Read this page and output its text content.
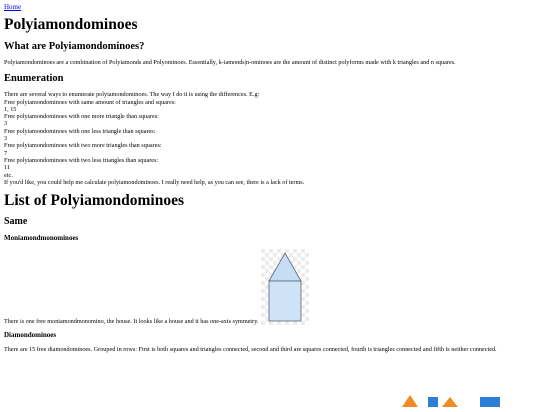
Home
Polyiamondominoes
What are Polyiamondominoes?

Polyiamondominoes are a combination of Polyiamonds and Polyominoes. Essentially, k-iamonds|n-ominoes are the amount of distinct polyforms made with k triangles and n squares.

Enumeration

There are several ways to enumerate polyiamondominoes. The way I do it is using the differences. E.g:

Free polyiamondominoes with same amount of triangles and squares:

1, 15

Free polyiamondominoes with one more triangle than squares:

3

Free polyiamondominoes with one less triangle than squares:

3

Free polyiamondominoes with two more triangles than squares:

7

Free polyiamondominoes with two less triangles than squares:

11

etc.

If you'd like, you could help me calculate polyiamondominoes. I really need help, as you can see, there is a lack of terms.

List of Polyiamondominoes
Same
Moniamondmonominoes

There is one free moniamondmonomino, the house. It looks like a house and it has one-axis symmetry.

Diamondominoes

There are 15 free diamondominoes. Grouped in rows: First is both squares and triangles connected, second and third are squares connected, fourth is triangles connected and fifth is neither connected.
